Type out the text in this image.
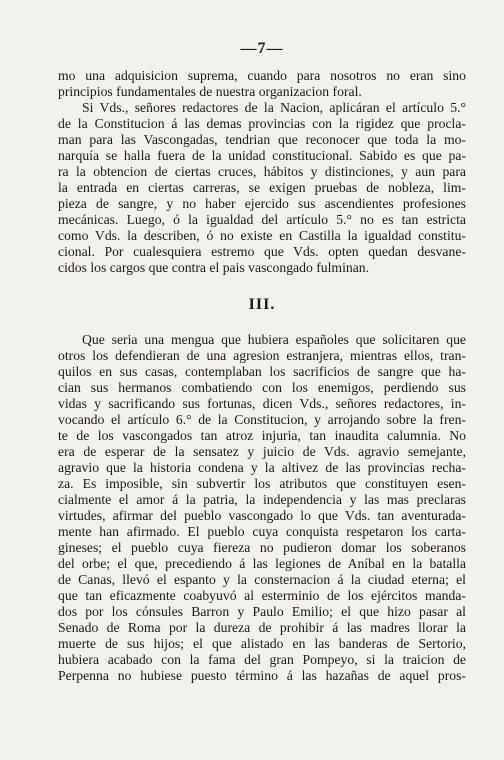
—7—
mo una adquisicion suprema, cuando para nosotros no eran sino
principios fundamentales de nuestra organizacion foral.
Si Vds., señores redactores de la Nacion, aplicáran el artículo 5.°
de la Constitucion á las demas provincias con la rigidez que procla-
man para las Vascongadas, tendrian que reconocer que toda la mo-
narquía se halla fuera de la unidad constitucional. Sabido es que pa-
ra la obtencion de ciertas cruces, hábitos y distinciones, y aun para
la entrada en ciertas carreras, se exigen pruebas de nobleza, lim-
pieza de sangre, y no haber ejercido sus ascendientes profesiones
mecánicas. Luego, ó la igualdad del artículo 5.° no es tan estricta
como Vds. la describen, ó no existe en Castilla la igualdad constitu-
cional. Por cualesquiera estremo que Vds. opten quedan desvane-
cidos los cargos que contra el pais vascongado fulminan.
III.
Que seria una mengua que hubiera españoles que solicitaren que
otros los defendieran de una agresion estranjera, mientras ellos, tran-
quilos en sus casas, contemplaban los sacrificios de sangre que ha-
cian sus hermanos combatiendo con los enemigos, perdiendo sus
vidas y sacrificando sus fortunas, dicen Vds., señores redactores, in-
vocando el artículo 6.° de la Constitucion, y arrojando sobre la fren-
te de los vascongados tan atroz injuria, tan inaudita calumnia. No
era de esperar de la sensatez y juicio de Vds. agravio semejante,
agravio que la historia condena y la altivez de las provincias recha-
za. Es imposible, sin subvertir los atributos que constituyen esen-
cialmente el amor á la patria, la independencia y las mas preclaras
virtudes, afirmar del pueblo vascongado lo que Vds. tan aventurada-
mente han afirmado. El pueblo cuya conquista respetaron los carta-
gineses; el pueblo cuya fiereza no pudieron domar los soberanos
del orbe; el que, precediendo á las legiones de Aníbal en la batalla
de Canas, llevó el espanto y la consternacion á la ciudad eterna; el
que tan eficazmente coabyuvó al esterminio de los ejércitos manda-
dos por los cónsules Barron y Paulo Emilio; el que hizo pasar al
Senado de Roma por la dureza de prohibir á las madres llorar la
muerte de sus hijos; el que alistado en las banderas de Sertorio,
hubiera acabado con la fama del gran Pompeyo, si la traicion de
Perpenna no hubiese puesto término á las hazañas de aquel pros-
